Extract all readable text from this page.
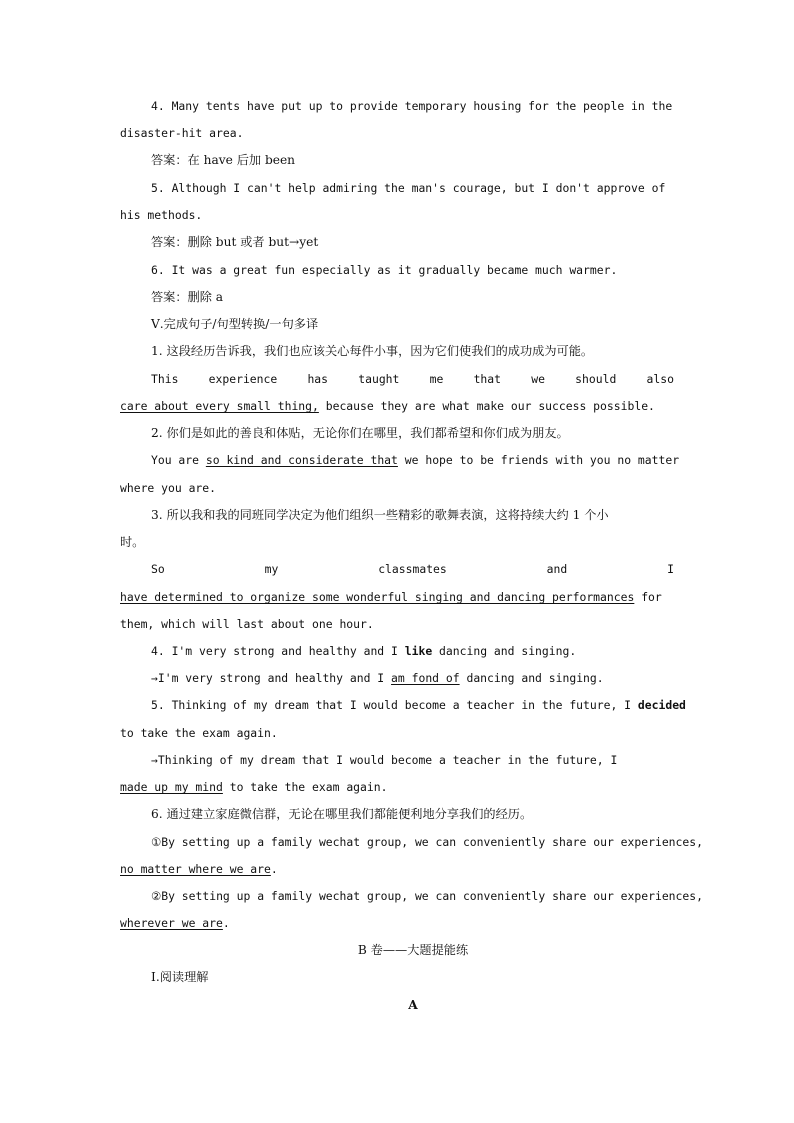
4. Many tents have put up to provide temporary housing for the people in the
disaster-hit area.
答案：在 have 后加 been
5. Although I can't help admiring the man's courage, but I don't approve of
his methods.
答案：删除 but 或者 but→yet
6. It was a great fun especially as it gradually became much warmer.
答案：删除 a
Ⅴ.完成句子/句型转换/一句多译
1. 这段经历告诉我，我们也应该关心每件小事，因为它们使我们的成功成为可能。
This	experience	has	taught	me	that	we	should	also
care about every small thing, because they are what make our success possible.
2. 你们是如此的善良和体贴，无论你们在哪里，我们都希望和你们成为朋友。
You are so kind and considerate that we hope to be friends with you no matter
where you are.
3. 所以我和我的同班同学决定为他们组织一些精彩的歌舞表演，这将持续大约 1 个小
时。
So	my	classmates	and	I
have determined to organize some wonderful singing and dancing performances for
them, which will last about one hour.
4. I'm very strong and healthy and I like dancing and singing.
→I'm very strong and healthy and I am fond of dancing and singing.
5. Thinking of my dream that I would become a teacher in the future, I decided
to take the exam again.
→Thinking of my dream that I would become a teacher in the future, I
made up my mind to take the exam again.
6. 通过建立家庭微信群，无论在哪里我们都能便利地分享我们的经历。
①By setting up a family wechat group, we can conveniently share our experiences,
no matter where we are.
②By setting up a family wechat group, we can conveniently share our experiences,
wherever we are.
B 卷——大题提能练
Ⅰ.阅读理解
A
